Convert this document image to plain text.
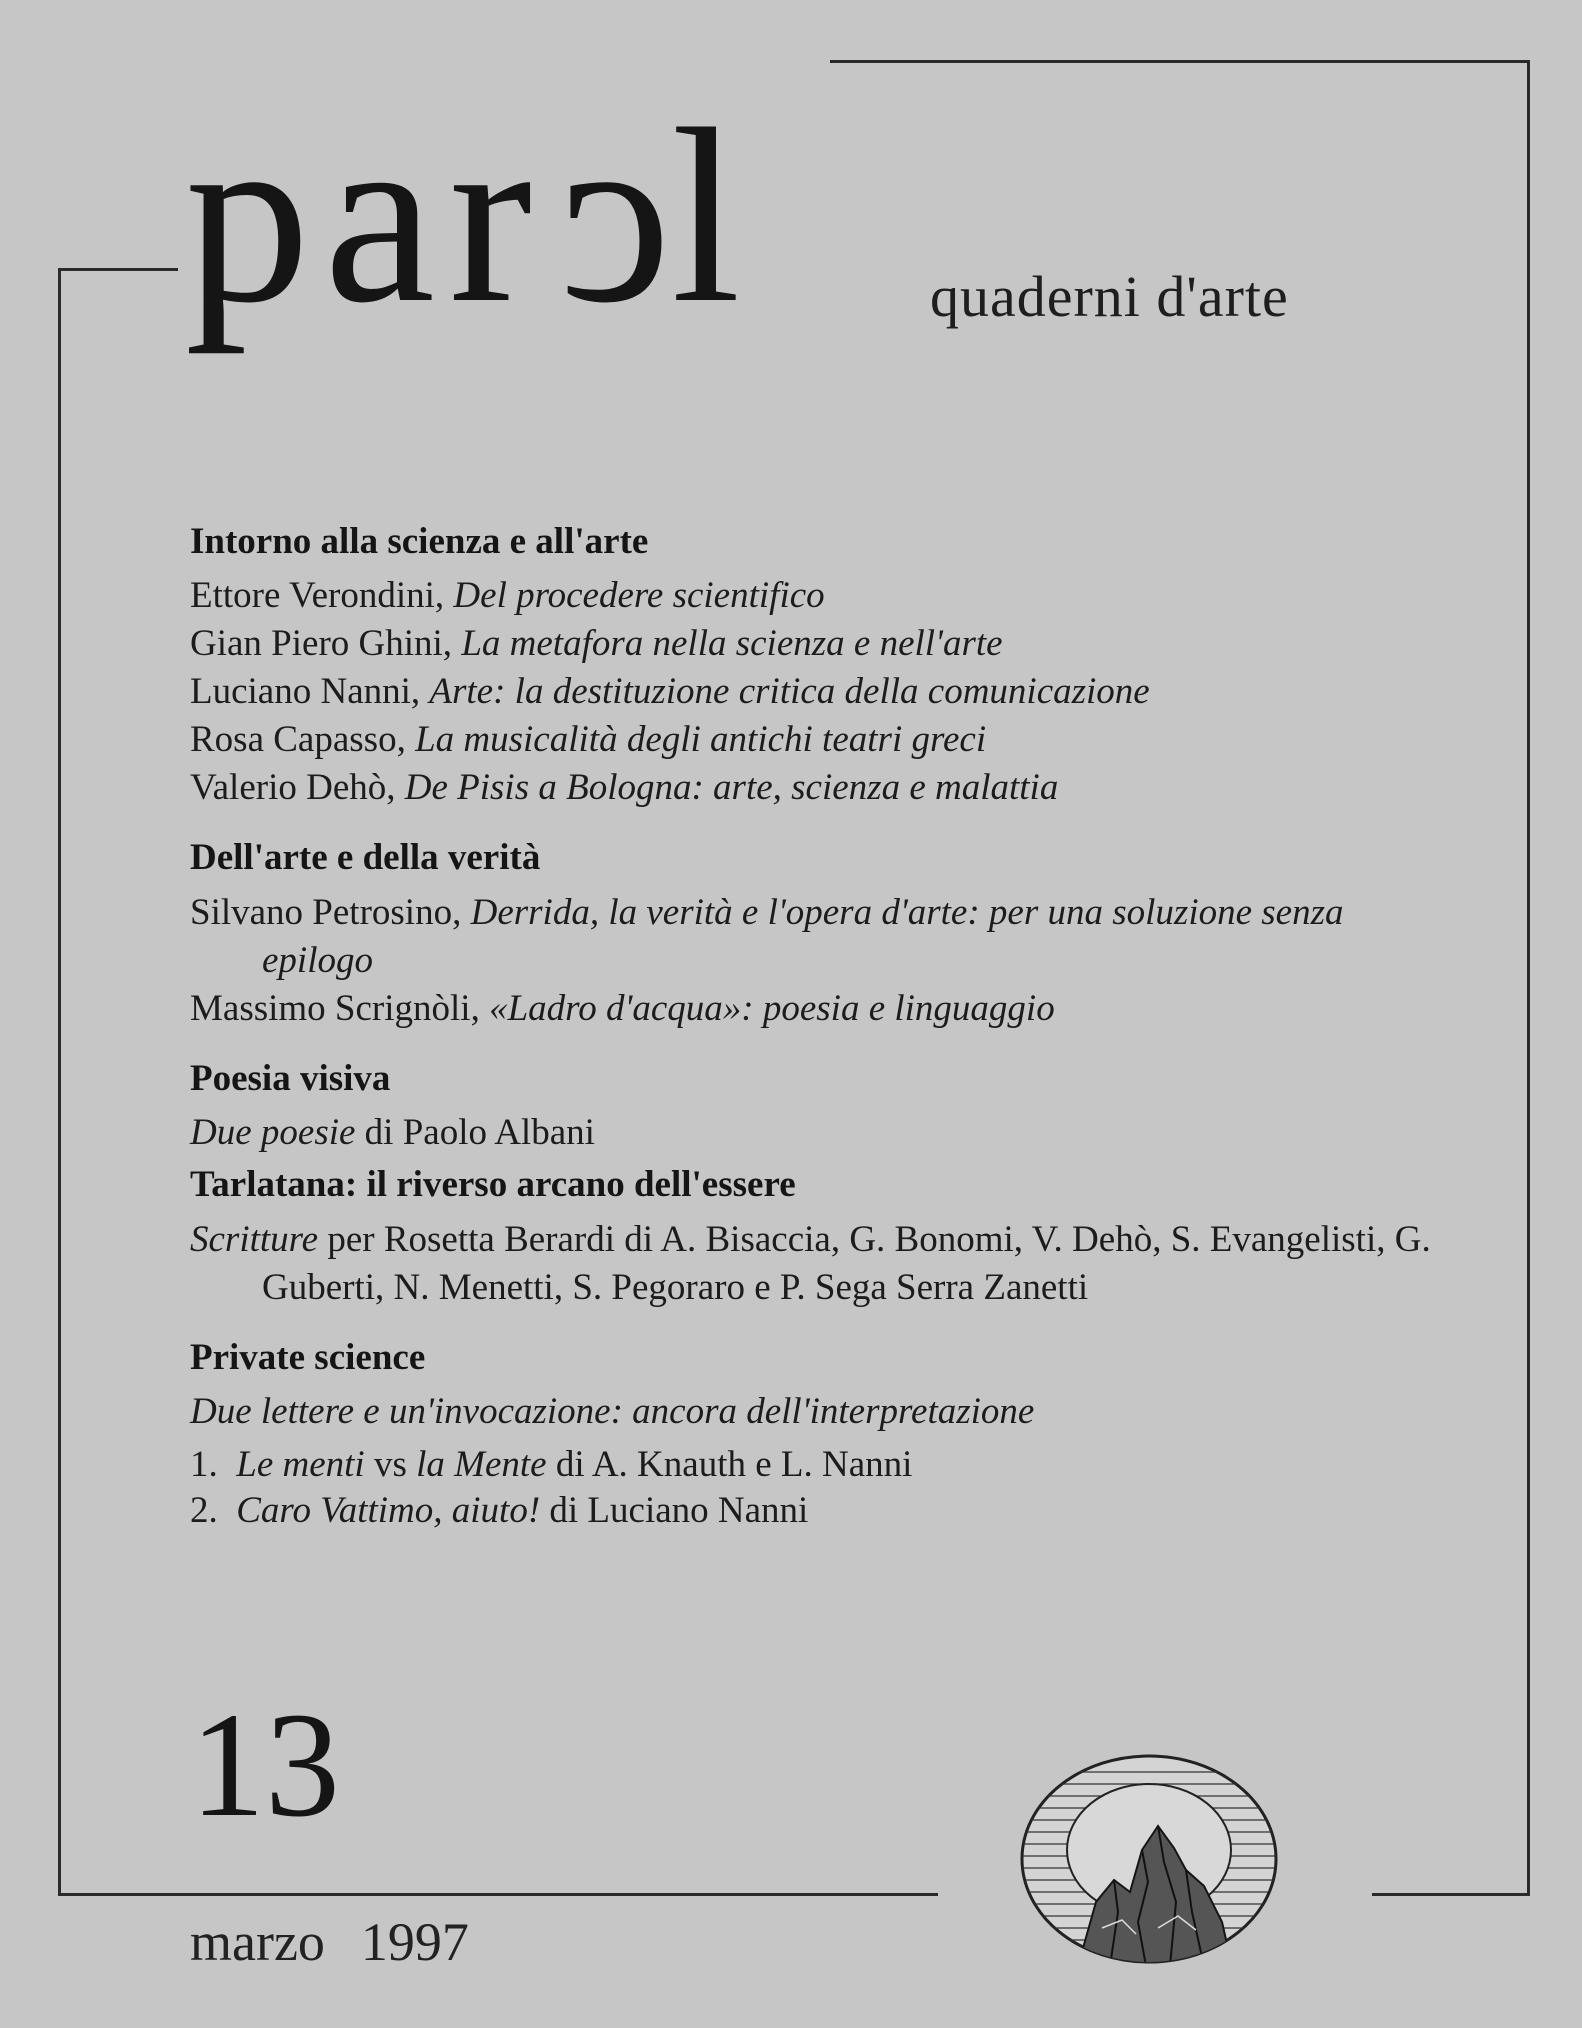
parcl	quaderni d'arte
Intorno alla scienza e all'arte
Ettore Verondini, Del procedere scientifico
Gian Piero Ghini, La metafora nella scienza e nell'arte
Luciano Nanni, Arte: la destituzione critica della comunicazione
Rosa Capasso, La musicalità degli antichi teatri greci
Valerio Dehò, De Pisis a Bologna: arte, scienza e malattia
Dell'arte e della verità
Silvano Petrosino, Derrida, la verità e l'opera d'arte: per una soluzione senza epilogo
Massimo Scrignòli, «Ladro d'acqua»: poesia e linguaggio
Poesia visiva
Due poesie di Paolo Albani
Tarlatana: il riverso arcano dell'essere
Scritture per Rosetta Berardi di A. Bisaccia, G. Bonomi, V. Dehò, S. Evangelisti, G. Guberti, N. Menetti, S. Pegoraro e P. Sega Serra Zanetti
Private science
Due lettere e un'invocazione: ancora dell'interpretazione
1. Le menti vs la Mente di A. Knauth e L. Nanni
2. Caro Vattimo, aiuto! di Luciano Nanni
13
marzo 1997
